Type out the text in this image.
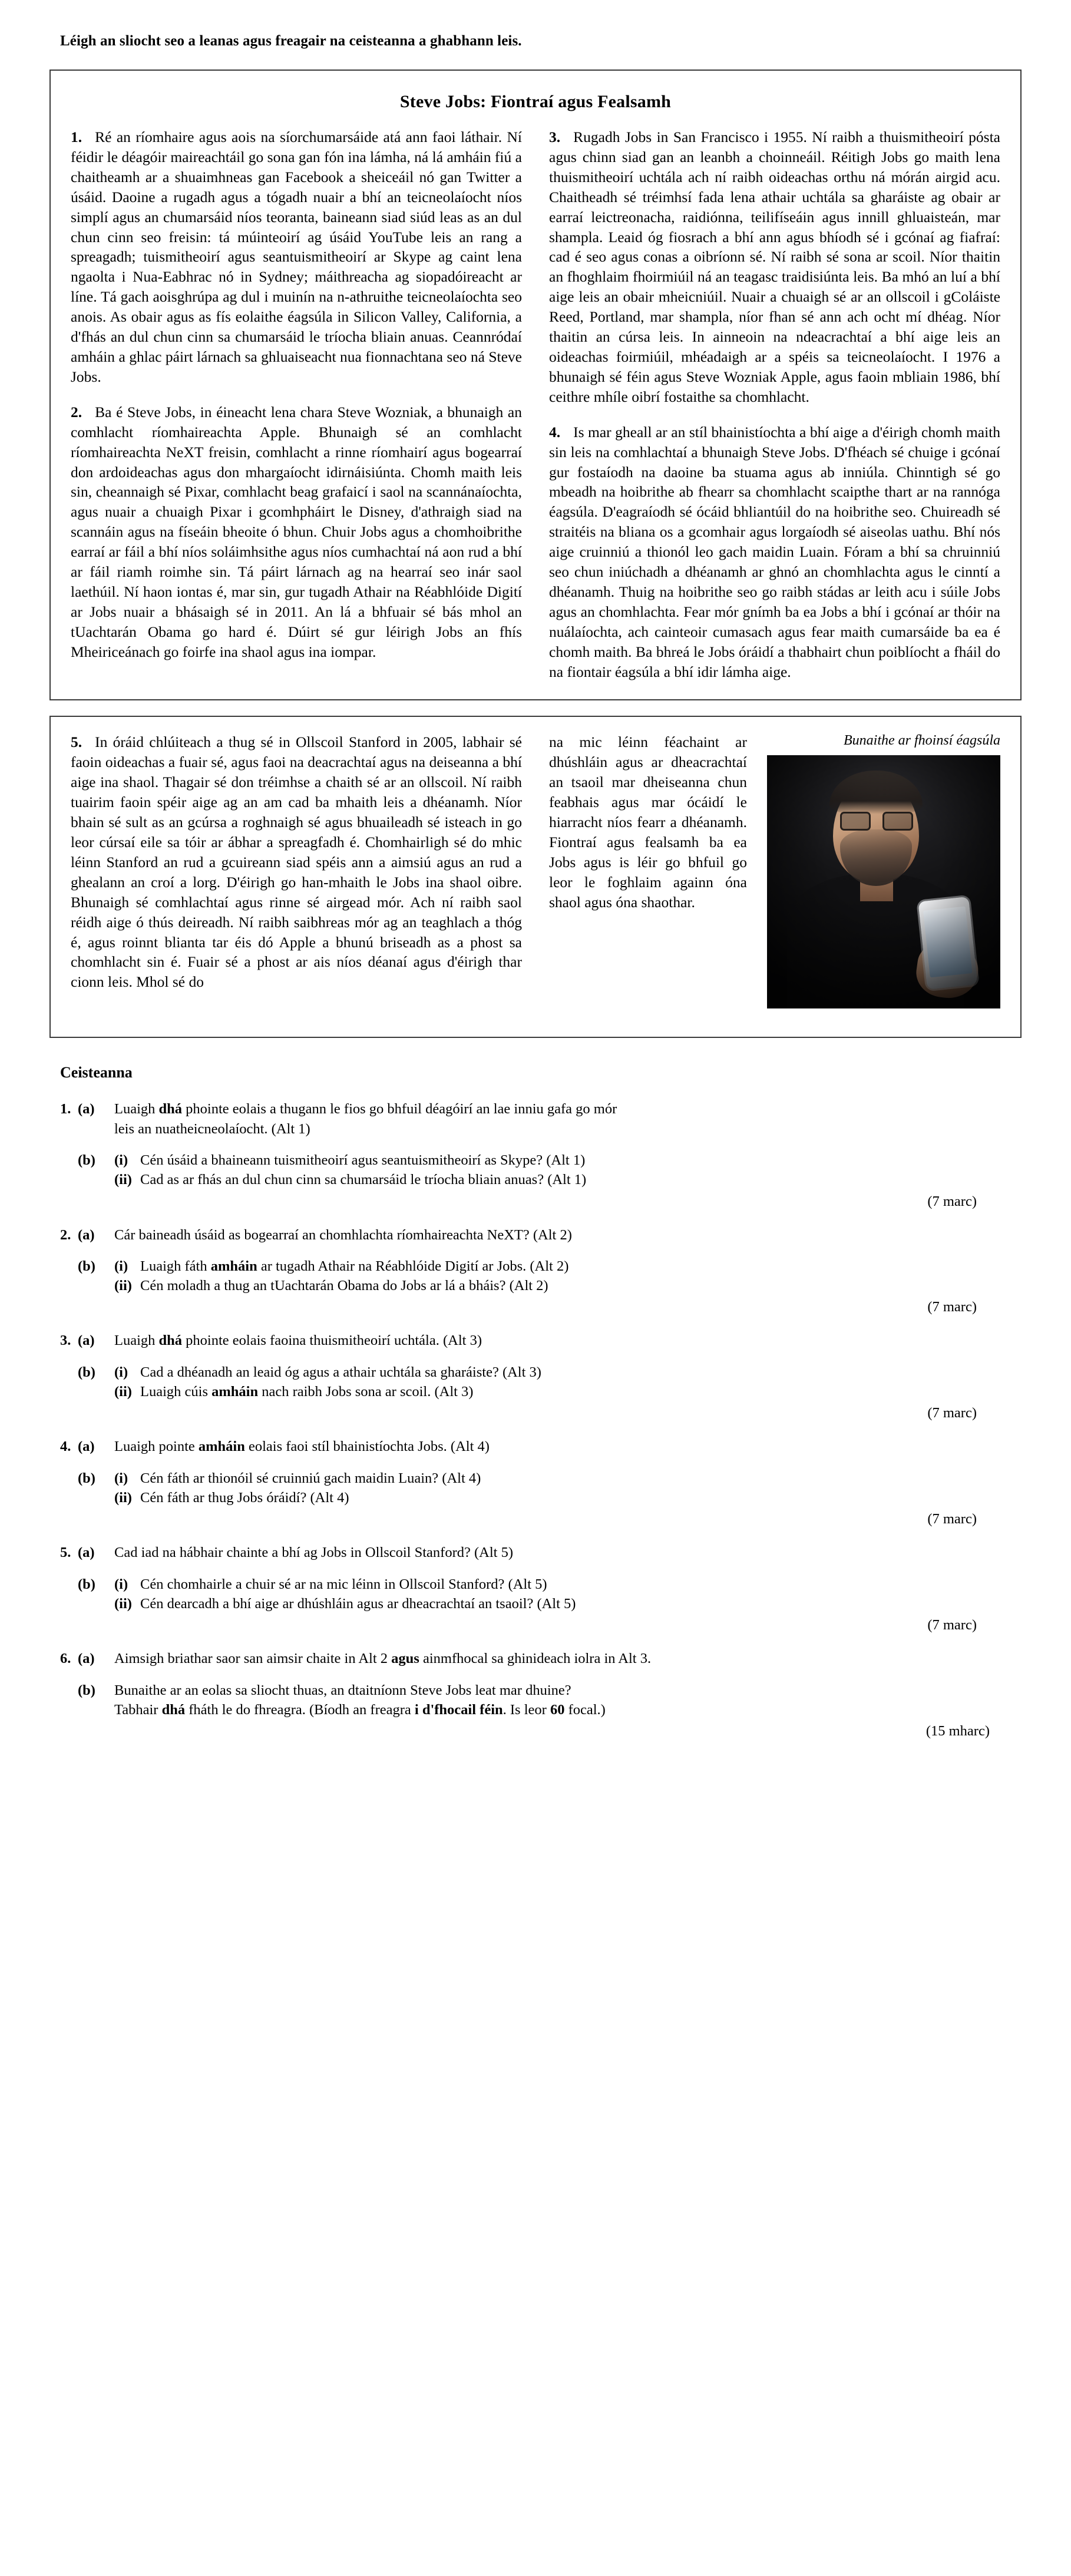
Léigh an sliocht seo a leanas agus freagair na ceisteanna a ghabhann leis.
Steve Jobs: Fiontraí agus Fealsamh

1. Ré an ríomhaire agus aois na síorchumarsáide atá ann faoi láthair. Ní féidir le déagóir maireachtáil go sona gan fón ina lámha, ná lá amháin fiú a chaitheamh ar a shuaimhneas gan Facebook a sheiceáil nó gan Twitter a úsáid. Daoine a rugadh agus a tógadh nuair a bhí an teicneolaíocht níos simplí agus an chumarsáid níos teoranta, baineann siad siúd leas as an dul chun cinn seo freisin: tá múinteoirí ag úsáid YouTube leis an rang a spreagadh; tuismitheoirí agus seantuismitheoirí ar Skype ag caint lena ngaolta i Nua-Eabhrac nó in Sydney; máithreacha ag siopadóireacht ar líne. Tá gach aoisghrúpa ag dul i muinín na n-athruithe teicneolaíochta seo anois. As obair agus as fís eolaithe éagsúla in Silicon Valley, California, a d'fhás an dul chun cinn sa chumarsáid le tríocha bliain anuas. Ceannródaí amháin a ghlac páirt lárnach sa ghluaiseacht nua fionnachtana seo ná Steve Jobs.

2. Ba é Steve Jobs, in éineacht lena chara Steve Wozniak, a bhunaigh an comhlacht ríomhaireachta Apple. Bhunaigh sé an comhlacht ríomhaireachta NeXT freisin, comhlacht a rinne ríomhairí agus bogearraí don ardoideachas agus don mhargaíocht idirnáisiúnta. Chomh maith leis sin, cheannaigh sé Pixar, comhlacht beag grafaicí i saol na scannánaíochta, agus nuair a chuaigh Pixar i gcomhpháirt le Disney, d'athraigh siad na scannáin agus na físeáin bheoite ó bhun. Chuir Jobs agus a chomhoibrithe earraí ar fáil a bhí níos soláimhsithe agus níos cumhachtaí ná aon rud a bhí ar fáil riamh roimhe sin. Tá páirt lárnach ag na hearraí seo inár saol laethúil. Ní haon iontas é, mar sin, gur tugadh Athair na Réabhlóide Digití ar Jobs nuair a bhásaigh sé in 2011. An lá a bhfuair sé bás mhol an tUachtarán Obama go hard é. Dúirt sé gur léirigh Jobs an fhís Mheiriceánach go foirfe ina shaol agus ina iompar.

3. Rugadh Jobs in San Francisco i 1955. Ní raibh a thuismitheoirí pósta agus chinn siad gan an leanbh a choinneáil. Réitigh Jobs go maith lena thuismitheoirí uchtála ach ní raibh oideachas orthu ná mórán airgid acu. Chaitheadh sé tréimhsí fada lena athair uchtála sa gharáiste ag obair ar earraí leictreonacha, raidiónna, teilifíseáin agus innill ghluaisteán, mar shampla. Leaid óg fiosrach a bhí ann agus bhíodh sé i gcónaí ag fiafraí: cad é seo agus conas a oibríonn sé. Ní raibh sé sona ar scoil. Níor thaitin an fhoghlaim fhoirmiúil ná an teagasc traidisiúnta leis. Ba mhó an luí a bhí aige leis an obair mheicniúil. Nuair a chuaigh sé ar an ollscoil i gColáiste Reed, Portland, mar shampla, níor fhan sé ann ach ocht mí dhéag. Níor thaitin an cúrsa leis. In ainneoin na ndeacrachtaí a bhí aige leis an oideachas foirmiúil, mhéadaigh ar a spéis sa teicneolaíocht. I 1976 a bhunaigh sé féin agus Steve Wozniak Apple, agus faoin mbliain 1986, bhí ceithre mhíle oibrí fostaithe sa chomhlacht.

4. Is mar gheall ar an stíl bhainistíochta a bhí aige a d'éirigh chomh maith sin leis na comhlachtaí a bhunaigh Steve Jobs. D'fhéach sé chuige i gcónaí gur fostaíodh na daoine ba stuama agus ab inniúla. Chinntigh sé go mbeadh na hoibrithe ab fhearr sa chomhlacht scaipthe thart ar na rannóga éagsúla. D'eagraíodh sé ócáid bhliantúil do na hoibrithe seo. Chuireadh sé straitéis na bliana os a gcomhair agus lorgaíodh sé aiseolas uathu. Bhí nós aige cruinniú a thionól leo gach maidin Luain. Fóram a bhí sa chruinniú seo chun iniúchadh a dhéanamh ar ghnó an chomhlachta agus le cinntí a dhéanamh. Thuig na hoibrithe seo go raibh stádas ar leith acu i súile Jobs agus an chomhlachta. Fear mór gnímh ba ea Jobs a bhí i gcónaí ar thóir na nuálaíochta, ach cainteoir cumasach agus fear maith cumarsáide ba ea é chomh maith. Ba bhreá le Jobs óráidí a thabhairt chun poiblíocht a fháil do na fiontair éagsúla a bhí idir lámha aige.

5. In óráid chlúiteach a thug sé in Ollscoil Stanford in 2005, labhair sé faoin oideachas a fuair sé, agus faoi na deacrachtaí agus na deiseanna a bhí aige ina shaol. Thagair sé don tréimhse a chaith sé ar an ollscoil. Ní raibh tuairim faoin spéir aige ag an am cad ba mhaith leis a dhéanamh. Níor bhain sé sult as an gcúrsa a roghnaigh sé agus bhuaileadh sé isteach in go leor cúrsaí eile sa tóir ar ábhar a spreagfadh é. Chomhairligh sé do mhic léinn Stanford an rud a gcuireann siad spéis ann a aimsiú agus an rud a ghealann an croí a lorg. D'éirigh go han-mhaith le Jobs ina shaol oibre. Bhunaigh sé comhlachtaí agus rinne sé airgead mór. Ach ní raibh saol réidh aige ó thús deireadh. Ní raibh saibhreas mór ag an teaghlach a thóg é, agus roinnt blianta tar éis dó Apple a bhunú briseadh as a phost sa chomhlacht sin é. Fuair sé a phost ar ais níos déanaí agus d'éirigh thar cionn leis. Mhol sé do

Bunaithe ar fhoinsí éagsúla

na mic léinn féachaint ar dhúshláin agus ar dheacrachtaí an tsaoil mar dheiseanna chun feabhais agus mar ócáidí le hiarracht níos fearr a dhéanamh. Fiontraí agus fealsamh ba ea Jobs agus is léir go bhfuil go leor le foghlaim againn óna shaol agus óna shaothar.

Ceisteanna
1. (a)	Luaigh dhá phointe eolais a thugann le fios go bhfuil déagóirí an lae inniu gafa go mór
leis an nuatheicneolaíocht. (Alt 1)
(b)	(i) Cén úsáid a bhaineann tuismitheoirí agus seantuismitheoirí as Skype? (Alt 1)
(ii) Cad as ar fhás an dul chun cinn sa chumarsáid le tríocha bliain anuas? (Alt 1)
(7 marc)
2. (a)	Cár baineadh úsáid as bogearraí an chomhlachta ríomhaireachta NeXT? (Alt 2)
(b)	(i) Luaigh fáth amháin ar tugadh Athair na Réabhlóide Digití ar Jobs. (Alt 2)
(ii) Cén moladh a thug an tUachtarán Obama do Jobs ar lá a bháis? (Alt 2)
(7 marc)
3. (a)	Luaigh dhá phointe eolais faoina thuismitheoirí uchtála. (Alt 3)
(b)	(i) Cad a dhéanadh an leaid óg agus a athair uchtála sa gharáiste? (Alt 3)
(ii) Luaigh cúis amháin nach raibh Jobs sona ar scoil. (Alt 3)
(7 marc)
4. (a)	Luaigh pointe amháin eolais faoi stíl bhainistíochta Jobs. (Alt 4)
(b)	(i) Cén fáth ar thionóil sé cruinniú gach maidin Luain? (Alt 4)
(ii) Cén fáth ar thug Jobs óráidí? (Alt 4)
(7 marc)
5. (a)	Cad iad na hábhair chainte a bhí ag Jobs in Ollscoil Stanford? (Alt 5)
(b)	(i) Cén chomhairle a chuir sé ar na mic léinn in Ollscoil Stanford? (Alt 5)
(ii) Cén dearcadh a bhí aige ar dhúshláin agus ar dheacrachtaí an tsaoil? (Alt 5)
(7 marc)
6. (a)	Aimsigh briathar saor san aimsir chaite in Alt 2 agus ainmfhocal sa ghinideach iolra in Alt 3.
(b)	Bunaithe ar an eolas sa sliocht thuas, an dtaitníonn Steve Jobs leat mar dhuine?
Tabhair dhá fháth le do fhreagra. (Bíodh an freagra i d'fhocail féin. Is leor 60 focal.)
(15 mharc)
